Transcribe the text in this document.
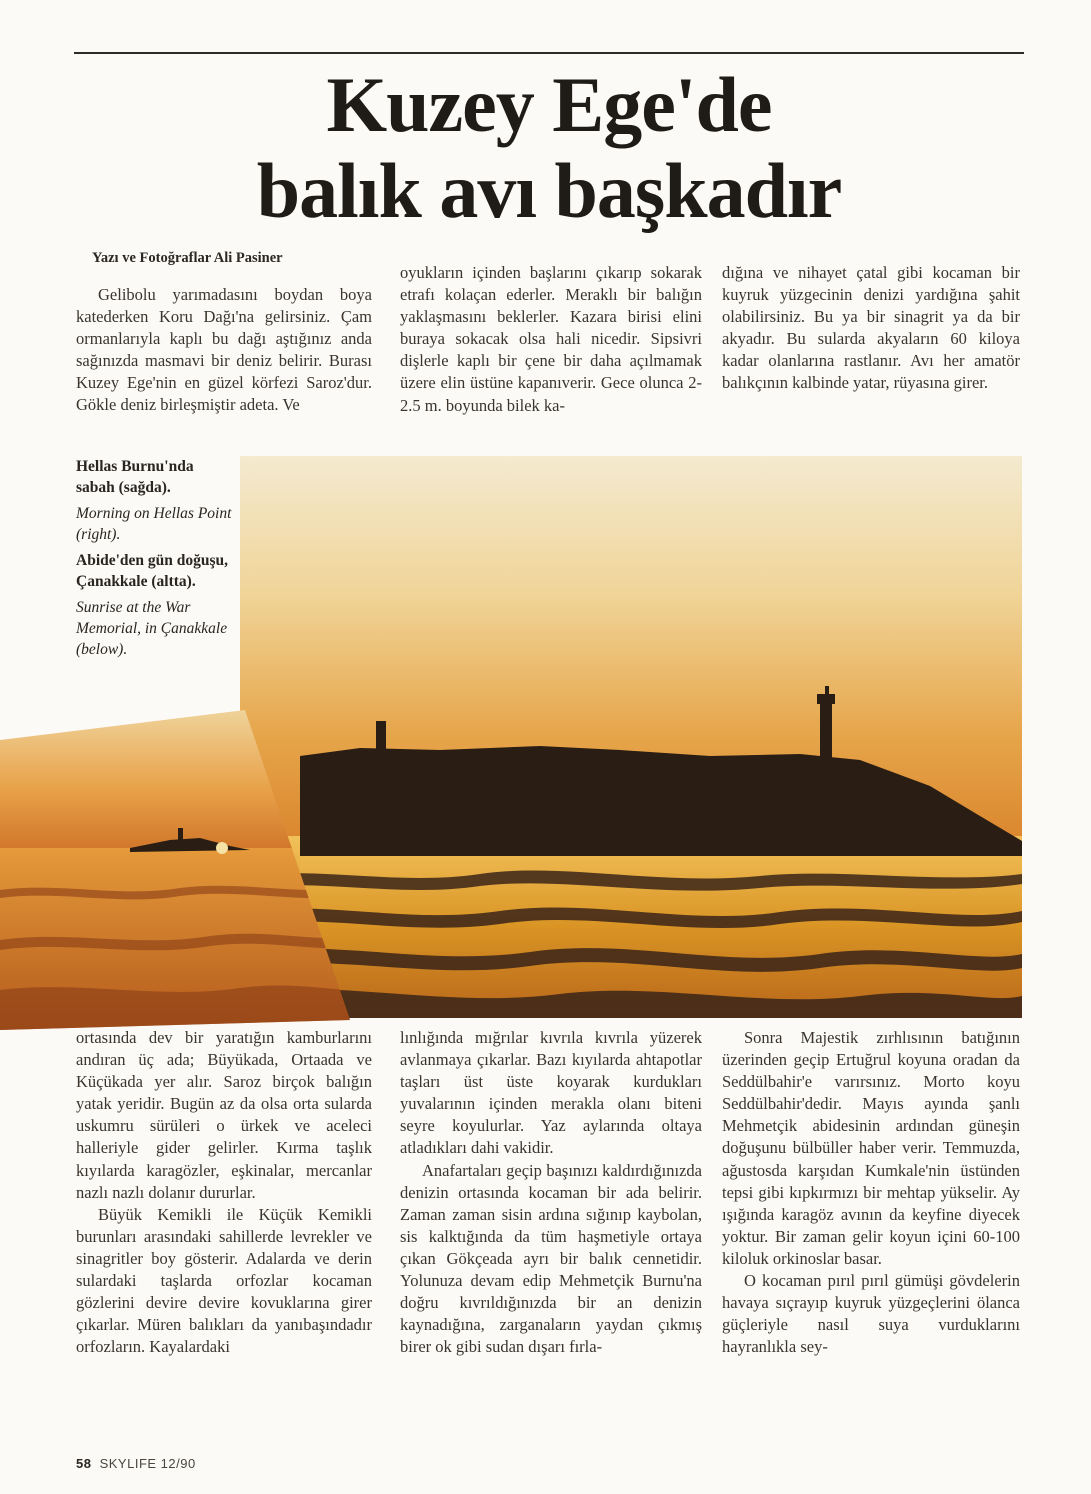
Kuzey Ege'de
balık avı başkadır

Yazı ve Fotoğraflar Ali Pasiner

Gelibolu yarımadasını boydan boya katederken Koru Dağı'na gelirsiniz. Çam ormanlarıyla kaplı bu dağı aştığınız anda sağınızda masmavi bir deniz belirir. Burası Kuzey Ege'nin en güzel körfezi Saroz'dur. Gökle deniz birleşmiştir adeta. Ve

oyukların içinden başlarını çıkarıp sokarak etrafı kolaçan ederler. Meraklı bir balığın yaklaşmasını beklerler. Kazara birisi elini buraya sokacak olsa hali nicedir. Sipsivri dişlerle kaplı bir çene bir daha açılmamak üzere elin üstüne kapanıverir. Gece olunca 2-2.5 m. boyunda bilek ka-

dığına ve nihayet çatal gibi kocaman bir kuyruk yüzgecinin denizi yardığına şahit olabilirsiniz. Bu ya bir sinagrit ya da bir akyadır. Bu sularda akyaların 60 kiloya kadar olanlarına rastlanır. Avı her amatör balıkçının kalbinde yatar, rüyasına girer.

Hellas Burnu'nda sabah (sağda).

Morning on Hellas Point (right).

Abide'den gün doğuşu, Çanakkale (altta).

Sunrise at the War Memorial, in Çanakkale (below).

ortasında dev bir yaratığın kamburlarını andıran üç ada; Büyükada, Ortaada ve Küçükada yer alır. Saroz birçok balığın yatak yeridir. Bugün az da olsa orta sularda uskumru sürüleri o ürkek ve aceleci halleriyle gider gelirler. Kırma taşlık kıyılarda karagözler, eşkinalar, mercanlar nazlı nazlı dolanır dururlar.

Büyük Kemikli ile Küçük Kemikli burunları arasındaki sahillerde levrekler ve sinagritler boy gösterir. Adalarda ve derin sulardaki taşlarda orfozlar kocaman gözlerini devire devire kovuklarına girer çıkarlar. Müren balıkları da yanıbaşındadır orfozların. Kayalardaki

lınlığında mığrılar kıvrıla kıvrıla yüzerek avlanmaya çıkarlar. Bazı kıyılarda ahtapotlar taşları üst üste koyarak kurdukları yuvalarının içinden merakla olanı biteni seyre koyulurlar. Yaz aylarında oltaya atladıkları dahi vakidir.

Anafartaları geçip başınızı kaldırdığınızda denizin ortasında kocaman bir ada belirir. Zaman zaman sisin ardına sığınıp kaybolan, sis kalktığında da tüm haşmetiyle ortaya çıkan Gökçeada ayrı bir balık cennetidir. Yolunuza devam edip Mehmetçik Burnu'na doğru kıvrıldığınızda bir an denizin kaynadığına, zarganaların yaydan çıkmış birer ok gibi sudan dışarı fırla-

Sonra Majestik zırhlısının batığının üzerinden geçip Ertuğrul koyuna oradan da Seddülbahir'e varırsınız. Morto koyu Seddülbahir'dedir. Mayıs ayında şanlı Mehmetçik abidesinin ardından güneşin doğuşunu bülbüller haber verir. Temmuzda, ağustosda karşıdan Kumkale'nin üstünden tepsi gibi kıpkırmızı bir mehtap yükselir. Ay ışığında karagöz avının da keyfine diyecek yoktur. Bir zaman gelir koyun içini 60-100 kiloluk orkinoslar basar.

O kocaman pırıl pırıl gümüşi gövdelerin havaya sıçrayıp kuyruk yüzgeçlerini ölanca güçleriyle nasıl suya vurduklarını hayranlıkla sey-

58 SKYLIFE 12/90
